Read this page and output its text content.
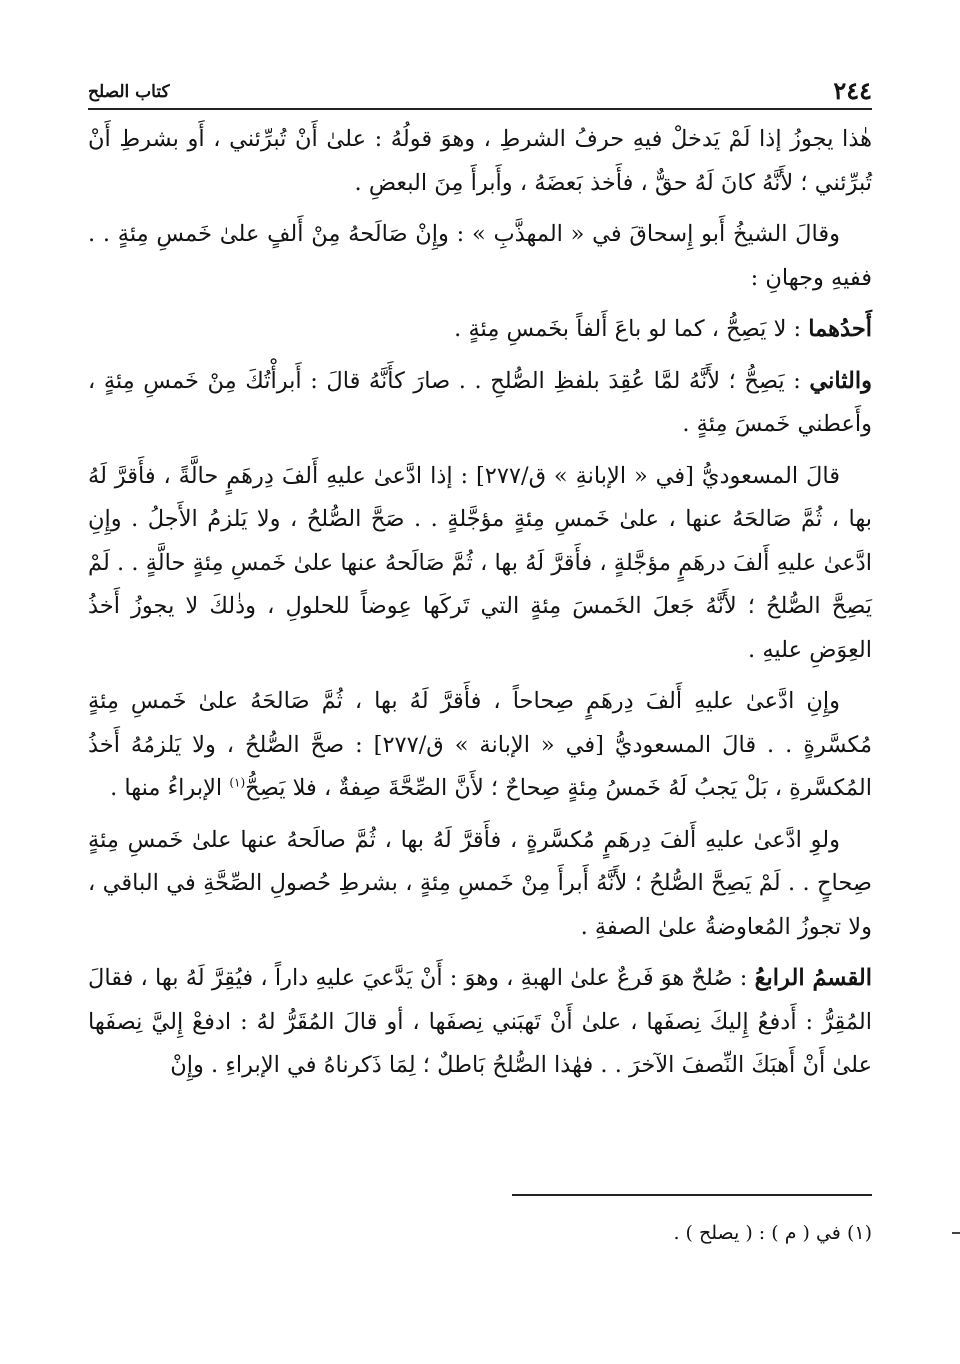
٢٤٤
كتاب الصلح

هٰذا يجوزُ إذا لَمْ يَدخلْ فيهِ حرفُ الشرطِ ، وهوَ قولُهُ : علىٰ أَنْ تُبرِّئني ، أَو بشرطِ أَنْ تُبرِّئني ؛ لأَنَّهُ كانَ لَهُ حقٌّ ، فأَخذ بَعضَهُ ، وأَبرأَ مِنَ البعضِ .

وقالَ الشيخُ أَبو إِسحاقَ في « المهذَّبِ » : وإِنْ صَالَحهُ مِنْ أَلفٍ علىٰ خَمسِ مِئةٍ . . ففيهِ وجهانِ :

أَحدُهما : لا يَصِحُّ ، كما لو باعَ أَلفاً بخَمسِ مِئةٍ .

والثاني : يَصِحُّ ؛ لأَنَّهُ لمَّا عُقِدَ بلفظِ الصُّلحِ . . صارَ كأَنَّهُ قالَ : أَبرأْتُكَ مِنْ خَمسِ مِئةٍ ، وأَعطني خَمسَ مِئةٍ .

قالَ المسعوديُّ [في « الإبانةِ » ق/٢٧٧] : إذا ادَّعىٰ عليهِ أَلفَ دِرهَمٍ حالَّةً ، فأَقرَّ لَهُ بها ، ثُمَّ صَالحَهُ عنها ، علىٰ خَمسِ مِئةٍ مؤجَّلةٍ . . صَحَّ الصُّلحُ ، ولا يَلزمُ الأَجلُ . وإِنِ ادَّعىٰ عليهِ أَلفَ درهَمٍ مؤجَّلةٍ ، فأَقرَّ لَهُ بها ، ثُمَّ صَالَحهُ عنها علىٰ خَمسِ مِئةٍ حالَّةٍ . . لَمْ يَصِحَّ الصُّلحُ ؛ لأَنَّهُ جَعلَ الخَمسَ مِئةٍ التي تَركَها عِوضاً للحلولِ ، وذٰلكَ لا يجوزُ أَخذُ العِوَضِ عليهِ .

وإِنِ ادَّعىٰ عليهِ أَلفَ دِرهَمٍ صِحاحاً ، فأَقرَّ لَهُ بها ، ثُمَّ صَالحَهُ علىٰ خَمسِ مِئةٍ مُكسَّرةٍ . . قالَ المسعوديُّ [في « الإبانة » ق/٢٧٧] : صحَّ الصُّلحُ ، ولا يَلزمُهُ أَخذُ المُكسَّرةِ ، بَلْ يَجبُ لَهُ خَمسُ مِئةٍ صِحاحٌ ؛ لأَنَّ الصِّحَّةَ صِفةٌ ، فلا يَصِحُّ$^{(١)}$ الإبراءُ منها .

ولوِ ادَّعىٰ عليهِ أَلفَ دِرهَمٍ مُكسَّرةٍ ، فأَقرَّ لَهُ بها ، ثُمَّ صالَحهُ عنها علىٰ خَمسِ مِئةٍ صِحاحٍ . . لَمْ يَصِحَّ الصُّلحُ ؛ لأَنَّهُ أَبرأَ مِنْ خَمسِ مِئةٍ ، بشرطِ حُصولِ الصِّحَّةِ في الباقي ، ولا تجوزُ المُعاوضةُ علىٰ الصفةِ .

القسمُ الرابعُ : صُلحٌ هوَ فَرعٌ علىٰ الهبةِ ، وهوَ : أَنْ يَدَّعيَ عليهِ داراً ، فيُقِرَّ لَهُ بها ، فقالَ المُقِرُّ : أَدفعُ إِليكَ نِصفَها ، علىٰ أَنْ تَهبَني نِصفَها ، أو قالَ المُقَرُّ لهُ : ادفعْ إِليَّ نِصفَها علىٰ أَنْ أَهبَكَ النِّصفَ الآخرَ . . فهٰذا الصُّلحُ بَاطلٌ ؛ لِمَا ذَكرناهُ في الإبراءِ . وإِنْ

(١) في ( م ) : ( يصلح ) .
